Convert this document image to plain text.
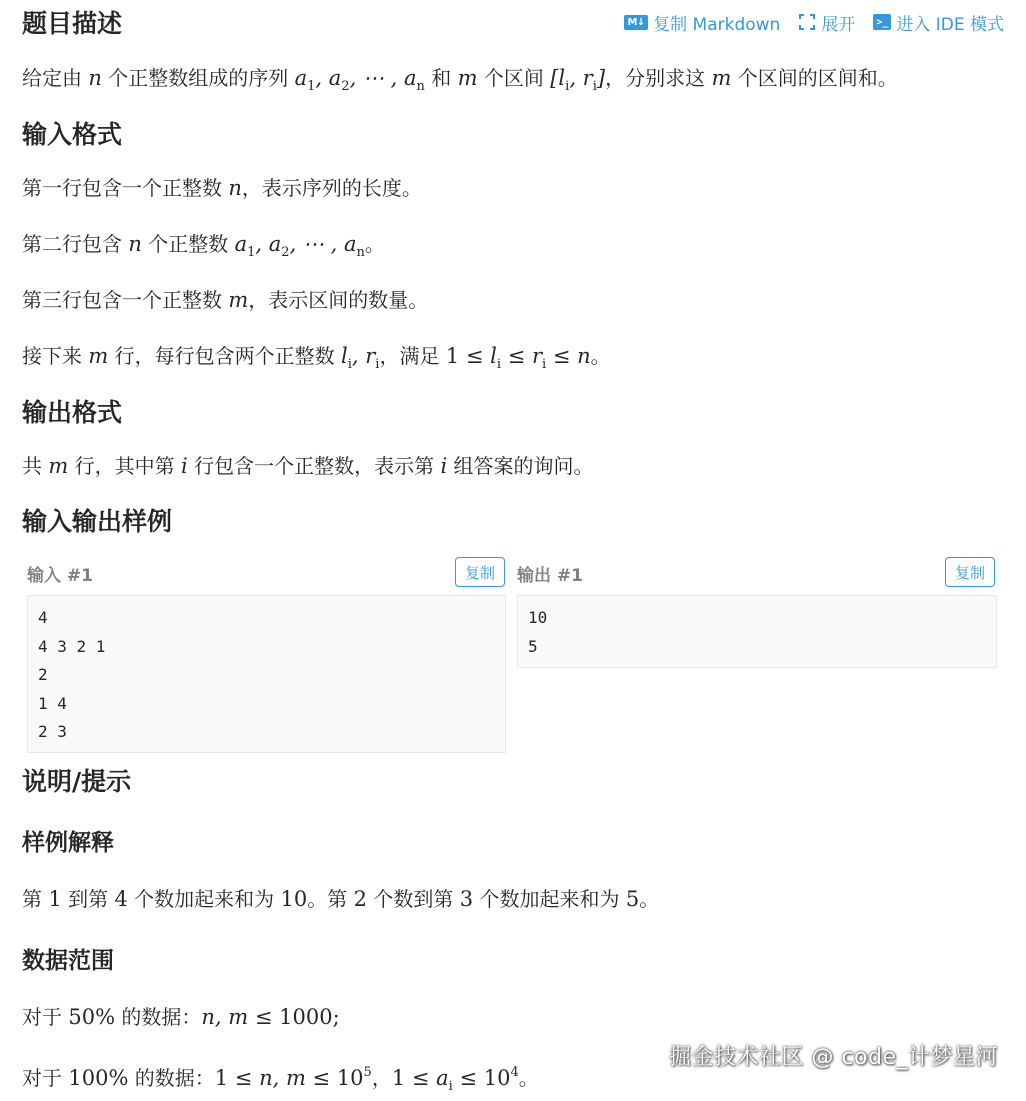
M↓ 复制 Markdown 展开 >_ 进入 IDE 模式
题目描述

给定由 n 个正整数组成的序列 $a_1$, $a_2$, ⋯ , $a_n$ 和 m 个区间 [$l_i$, $r_i$]，分别求这 m 个区间的区间和。

输入格式

第一行包含一个正整数 n，表示序列的长度。

第二行包含 n 个正整数 $a_1$, $a_2$, ⋯ , $a_n$。

第三行包含一个正整数 m，表示区间的数量。

接下来 m 行，每行包含两个正整数 $l_i$, $r_i$，满足 $1 \le l_i \le r_i \le n$。

输出格式

共 m 行，其中第 i 行包含一个正整数，表示第 i 组答案的询问。

输入输出样例
输入 #1	复制
4
4 3 2 1
2
1 4
2 3
输出 #1	复制
10
5
说明/提示
样例解释

第 1 到第 4 个数加起来和为 10。第 2 个数到第 3 个数加起来和为 5。

数据范围

对于 50% 的数据：n, m ≤ 1000;

对于 100% 的数据：1 ≤ n, $m \le 10^5$，$1 \le a_i \le 10^4$。

掘金技术社区 @ code_计梦星河
